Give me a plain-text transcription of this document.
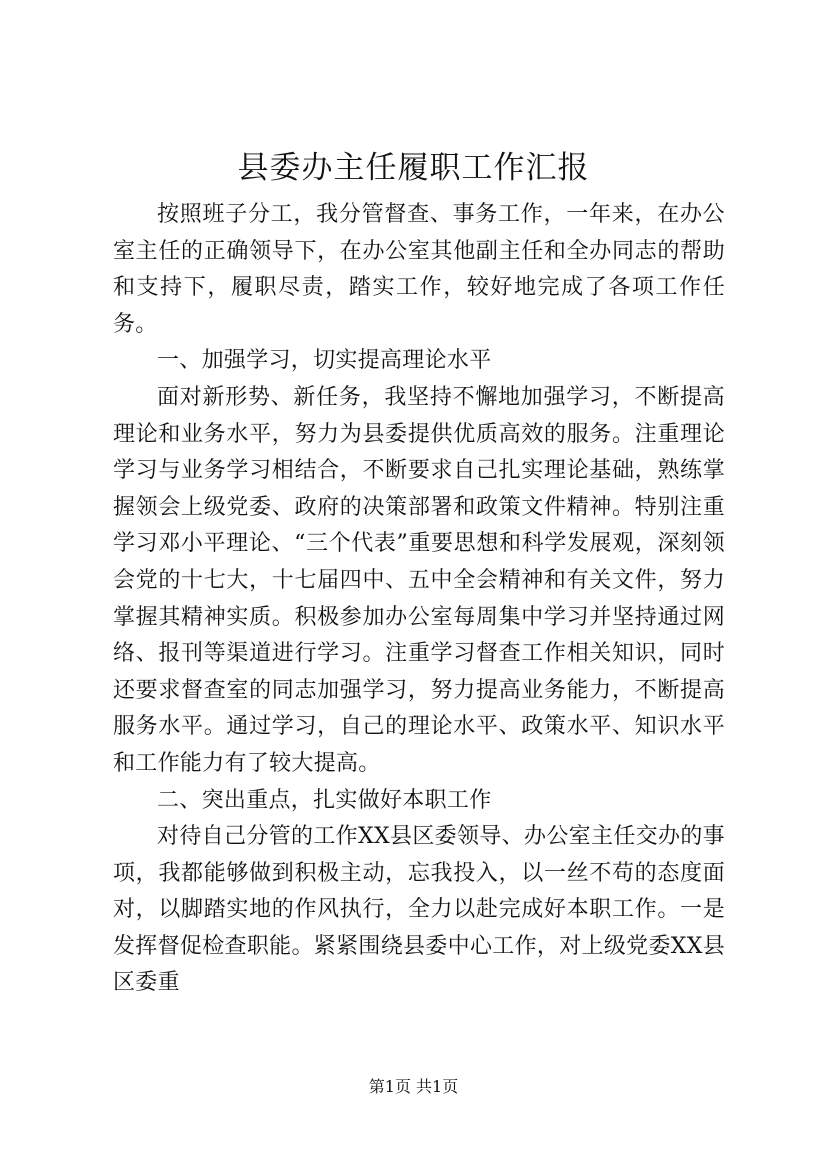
县委办主任履职工作汇报

按照班子分工，我分管督查、事务工作，一年来，在办公室主任的正确领导下，在办公室其他副主任和全办同志的帮助和支持下，履职尽责，踏实工作，较好地完成了各项工作任务。

一、加强学习，切实提高理论水平

面对新形势、新任务，我坚持不懈地加强学习，不断提高理论和业务水平，努力为县委提供优质高效的服务。注重理论学习与业务学习相结合，不断要求自己扎实理论基础，熟练掌握领会上级党委、政府的决策部署和政策文件精神。特别注重学习邓小平理论、“三个代表”重要思想和科学发展观，深刻领会党的十七大，十七届四中、五中全会精神和有关文件，努力掌握其精神实质。积极参加办公室每周集中学习并坚持通过网络、报刊等渠道进行学习。注重学习督查工作相关知识，同时还要求督查室的同志加强学习，努力提高业务能力，不断提高服务水平。通过学习，自己的理论水平、政策水平、知识水平和工作能力有了较大提高。

二、突出重点，扎实做好本职工作

对待自己分管的工作XX县区委领导、办公室主任交办的事项，我都能够做到积极主动，忘我投入，以一丝不苟的态度面对，以脚踏实地的作风执行，全力以赴完成好本职工作。一是发挥督促检查职能。紧紧围绕县委中心工作，对上级党委XX县区委重

第1页 共1页
